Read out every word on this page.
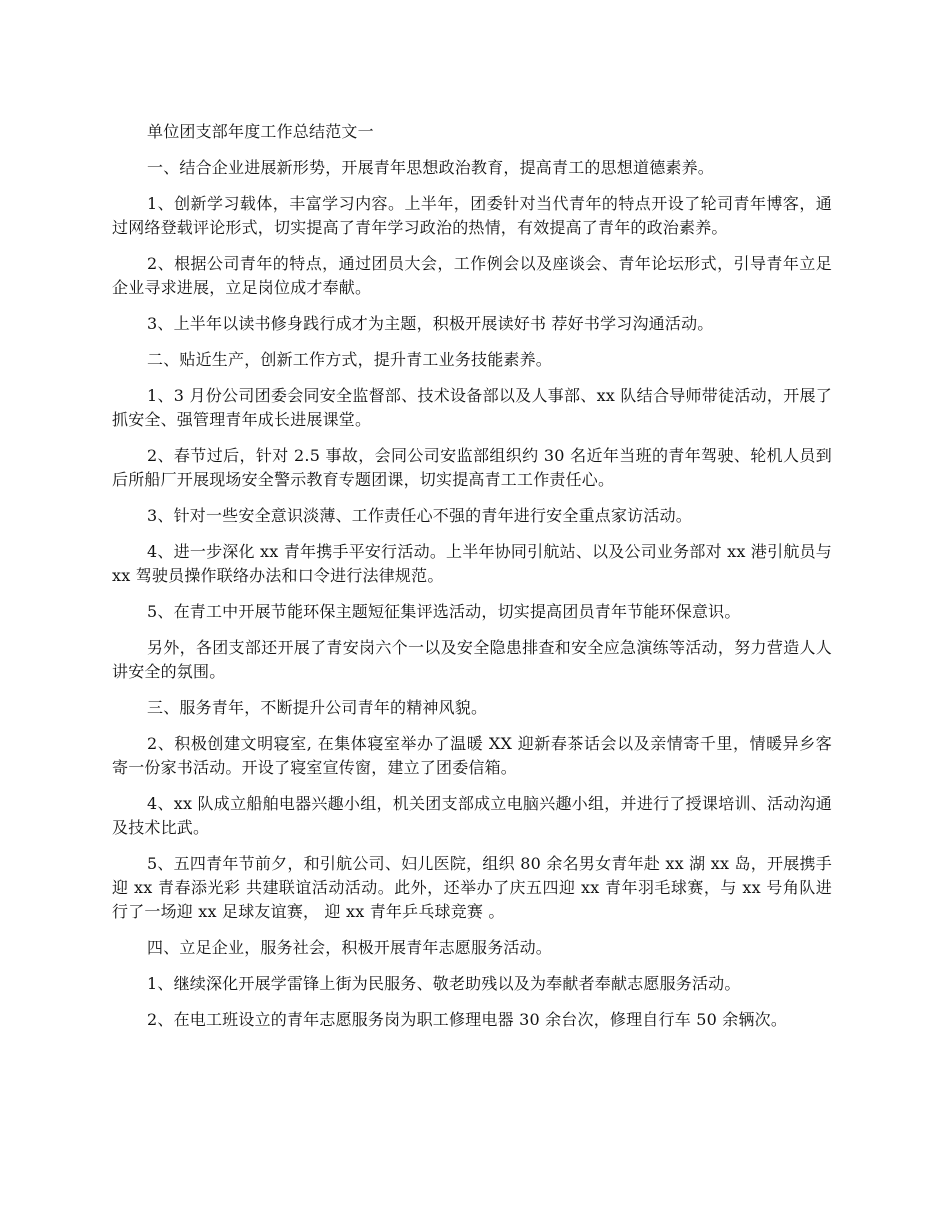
单位团支部年度工作总结范文一

一、结合企业进展新形势，开展青年思想政治教育，提高青工的思想道德素养。

1、创新学习载体，丰富学习内容。上半年，团委针对当代青年的特点开设了轮司青年博客，通过网络登载评论形式，切实提高了青年学习政治的热情，有效提高了青年的政治素养。

2、根据公司青年的特点，通过团员大会，工作例会以及座谈会、青年论坛形式，引导青年立足企业寻求进展，立足岗位成才奉献。

3、上半年以读书修身践行成才为主题，积极开展读好书 荐好书学习沟通活动。

二、贴近生产，创新工作方式，提升青工业务技能素养。

1、3 月份公司团委会同安全监督部、技术设备部以及人事部、xx 队结合导师带徒活动，开展了 抓安全、强管理青年成长进展课堂。

2、春节过后，针对 2.5 事故，会同公司安监部组织约 30 名近年当班的青年驾驶、轮机人员到后所船厂开展现场安全警示教育专题团课，切实提高青工工作责任心。

3、针对一些安全意识淡薄、工作责任心不强的青年进行安全重点家访活动。

4、进一步深化 xx 青年携手平安行活动。上半年协同引航站、以及公司业务部对 xx 港引航员与 xx 驾驶员操作联络办法和口令进行法律规范。

5、在青工中开展节能环保主题短征集评选活动，切实提高团员青年节能环保意识。

另外，各团支部还开展了青安岗六个一以及安全隐患排查和安全应急演练等活动，努力营造人人讲安全的氛围。

三、服务青年，不断提升公司青年的精神风貌。

2、积极创建文明寝室, 在集体寝室举办了温暖 XX 迎新春茶话会以及亲情寄千里，情暖异乡客寄一份家书活动。开设了寝室宣传窗，建立了团委信箱。

4、xx 队成立船舶电器兴趣小组，机关团支部成立电脑兴趣小组，并进行了授课培训、活动沟通及技术比武。

5、五四青年节前夕，和引航公司、妇儿医院，组织 80 余名男女青年赴 xx 湖 xx 岛，开展携手迎 xx 青春添光彩 共建联谊活动活动。此外，还举办了庆五四迎 xx 青年羽毛球赛，与 xx 号角队进行了一场迎 xx 足球友谊赛， 迎 xx 青年乒乓球竞赛 。

四、立足企业，服务社会，积极开展青年志愿服务活动。

1、继续深化开展学雷锋上街为民服务、敬老助残以及为奉献者奉献志愿服务活动。

2、在电工班设立的青年志愿服务岗为职工修理电器 30 余台次，修理自行车 50 余辆次。
